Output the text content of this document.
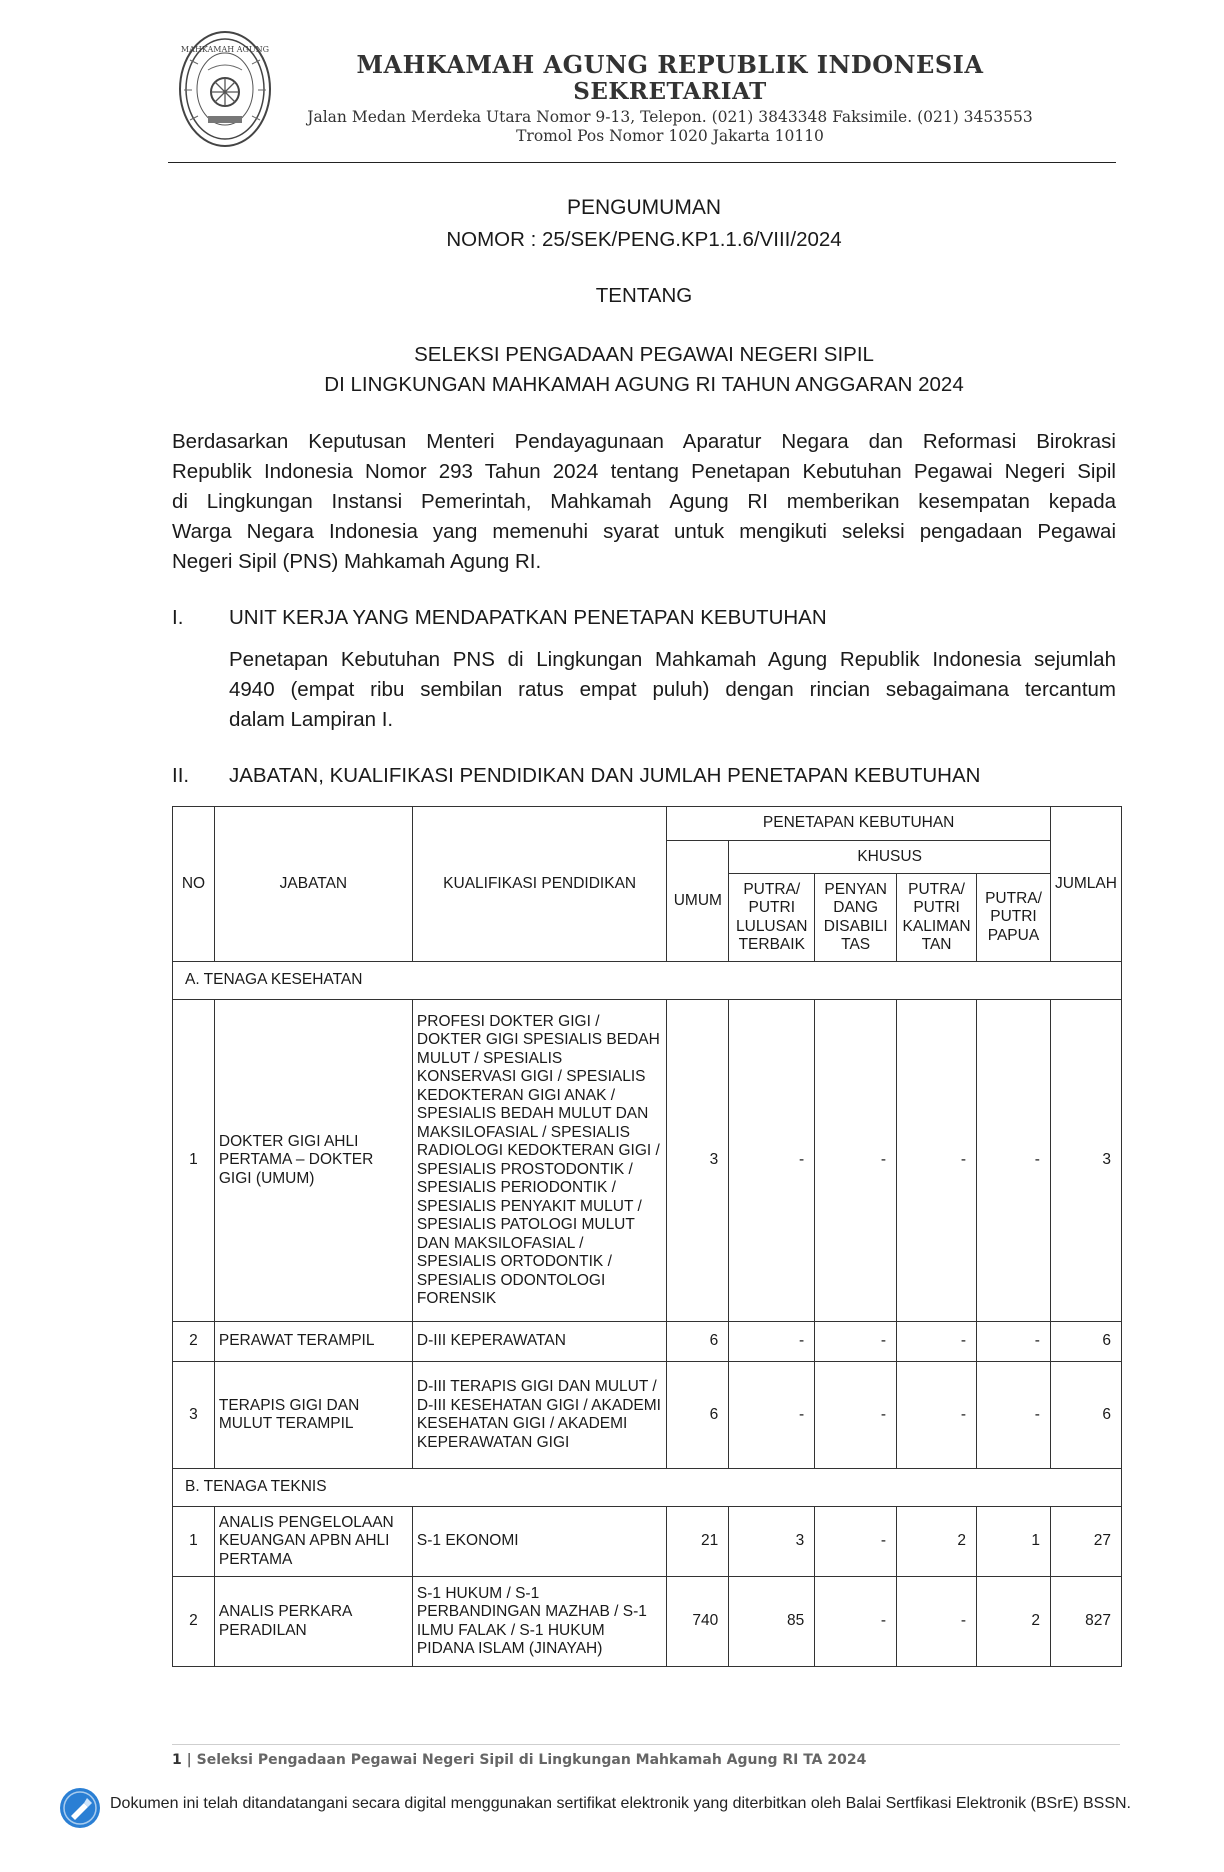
MAHKAMAH AGUNG
MAHKAMAH AGUNG REPUBLIK INDONESIA
SEKRETARIAT
Jalan Medan Merdeka Utara Nomor 9-13, Telepon. (021) 3843348 Faksimile. (021) 3453553
Tromol Pos Nomor 1020 Jakarta 10110
PENGUMUMAN
NOMOR : 25/SEK/PENG.KP1.1.6/VIII/2024
TENTANG
SELEKSI PENGADAAN PEGAWAI NEGERI SIPIL
DI LINGKUNGAN MAHKAMAH AGUNG RI TAHUN ANGGARAN 2024
Berdasarkan Keputusan Menteri Pendayagunaan Aparatur Negara dan Reformasi Birokrasi
Republik Indonesia Nomor 293 Tahun 2024 tentang Penetapan Kebutuhan Pegawai Negeri Sipil
di Lingkungan Instansi Pemerintah, Mahkamah Agung RI memberikan kesempatan kepada
Warga Negara Indonesia yang memenuhi syarat untuk mengikuti seleksi pengadaan Pegawai
Negeri Sipil (PNS) Mahkamah Agung RI.
I. UNIT KERJA YANG MENDAPATKAN PENETAPAN KEBUTUHAN
Penetapan Kebutuhan PNS di Lingkungan Mahkamah Agung Republik Indonesia sejumlah
4940 (empat ribu sembilan ratus empat puluh) dengan rincian sebagaimana tercantum
dalam Lampiran I.
II. JABATAN, KUALIFIKASI PENDIDIKAN DAN JUMLAH PENETAPAN KEBUTUHAN
NO	JABATAN	KUALIFIKASI PENDIDIKAN	PENETAPAN KEBUTUHAN					JUMLAH
			UMUM	KHUSUS				
				PUTRA/ PUTRI LULUSAN TERBAIK	PENYAN DANG DISABILI TAS	PUTRA/ PUTRI KALIMAN TAN	PUTRA/ PUTRI PAPUA	
A. TENAGA KESEHATAN								
1	DOKTER GIGI AHLI PERTAMA – DOKTER GIGI (UMUM)	PROFESI DOKTER GIGI / DOKTER GIGI SPESIALIS BEDAH MULUT / SPESIALIS KONSERVASI GIGI / SPESIALIS KEDOKTERAN GIGI ANAK / SPESIALIS BEDAH MULUT DAN MAKSILOFASIAL / SPESIALIS RADIOLOGI KEDOKTERAN GIGI / SPESIALIS PROSTODONTIK / SPESIALIS PERIODONTIK / SPESIALIS PENYAKIT MULUT / SPESIALIS PATOLOGI MULUT DAN MAKSILOFASIAL / SPESIALIS ORTODONTIK / SPESIALIS ODONTOLOGI FORENSIK	3	-	-	-	-	3
2	PERAWAT TERAMPIL	D-III KEPERAWATAN	6	-	-	-	-	6
3	TERAPIS GIGI DAN MULUT TERAMPIL	D-III TERAPIS GIGI DAN MULUT / D-III KESEHATAN GIGI / AKADEMI KESEHATAN GIGI / AKADEMI KEPERAWATAN GIGI	6	-	-	-	-	6
B. TENAGA TEKNIS								
1	ANALIS PENGELOLAAN KEUANGAN APBN AHLI PERTAMA	S-1 EKONOMI	21	3	-	2	1	27
2	ANALIS PERKARA PERADILAN	S-1 HUKUM / S-1 PERBANDINGAN MAZHAB / S-1 ILMU FALAK / S-1 HUKUM PIDANA ISLAM (JINAYAH)	740	85	-	-	2	827
1 | Seleksi Pengadaan Pegawai Negeri Sipil di Lingkungan Mahkamah Agung RI TA 2024
Dokumen ini telah ditandatangani secara digital menggunakan sertifikat elektronik yang diterbitkan oleh Balai Sertfikasi Elektronik (BSrE) BSSN.
